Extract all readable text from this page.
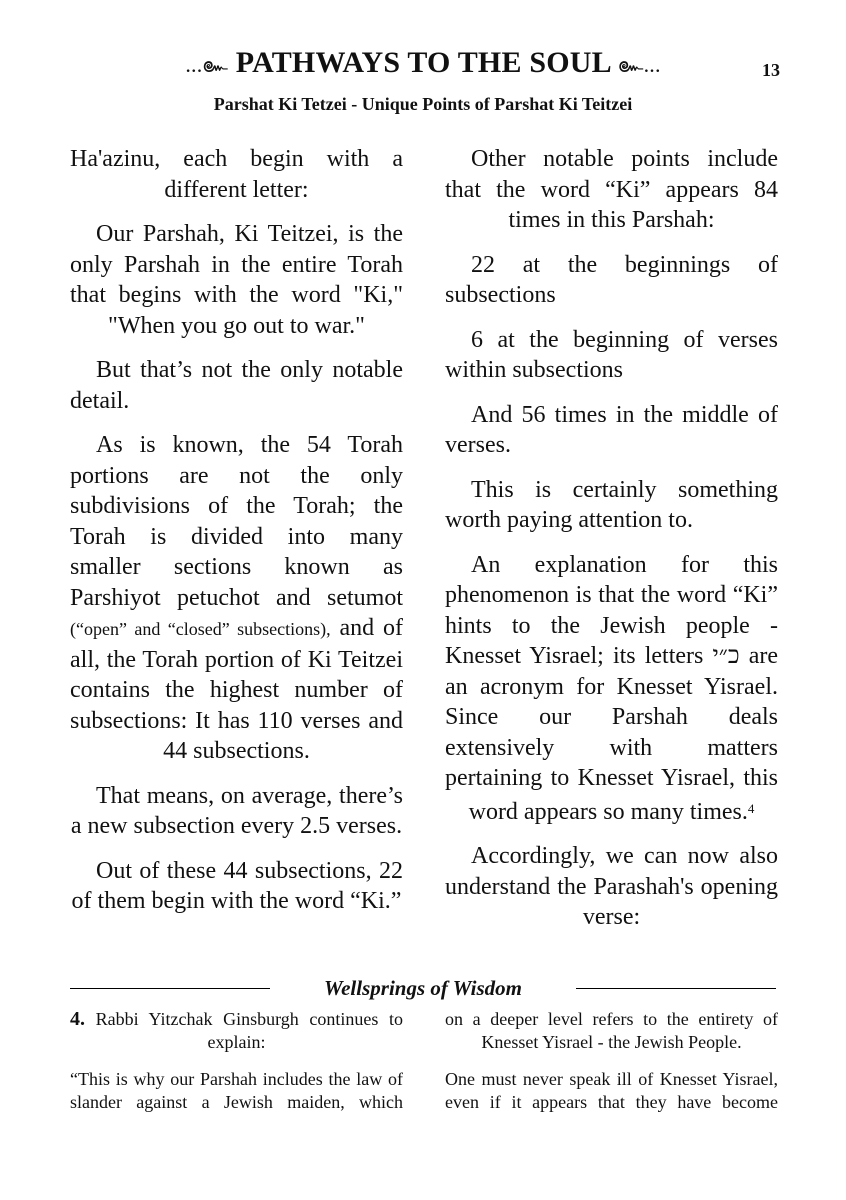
...๛ PATHWAYS TO THE SOUL ๛...	13
Parshat Ki Tetzei - Unique Points of Parshat Ki Teitzei

Ha'azinu, each begin with a different letter:

Our Parshah, Ki Teitzei, is the only Parshah in the entire Torah that begins with the word "Ki," "When you go out to war."

But that’s not the only notable detail.

As is known, the 54 Torah portions are not the only subdivisions of the Torah; the Torah is divided into many smaller sections known as Parshiyot petuchot and setumot (“open” and “closed” subsections), and of all, the Torah portion of Ki Teitzei contains the highest number of subsections: It has 110 verses and 44 subsections.

That means, on average, there’s a new subsection every 2.5 verses.

Out of these 44 subsections, 22 of them begin with the word “Ki.”

Other notable points include that the word “Ki” appears 84 times in this Parshah:

22 at the beginnings of subsections

6 at the beginning of verses within subsections

And 56 times in the middle of verses.

This is certainly something worth paying attention to.

An explanation for this phenomenon is that the word “Ki” hints to the Jewish people - Knesset Yisrael; its letters כ״י are an acronym for Knesset Yisrael. Since our Parshah deals extensively with matters pertaining to Knesset Yisrael, this word appears so many times.$^4$

Accordingly, we can now also understand the Parashah's opening verse:

Wellsprings of Wisdom

4. Rabbi Yitzchak Ginsburgh continues to explain:

“This is why our Parshah includes the law of slander against a Jewish maiden, which

on a deeper level refers to the entirety of Knesset Yisrael - the Jewish People.

One must never speak ill of Knesset Yisrael, even if it appears that they have become
